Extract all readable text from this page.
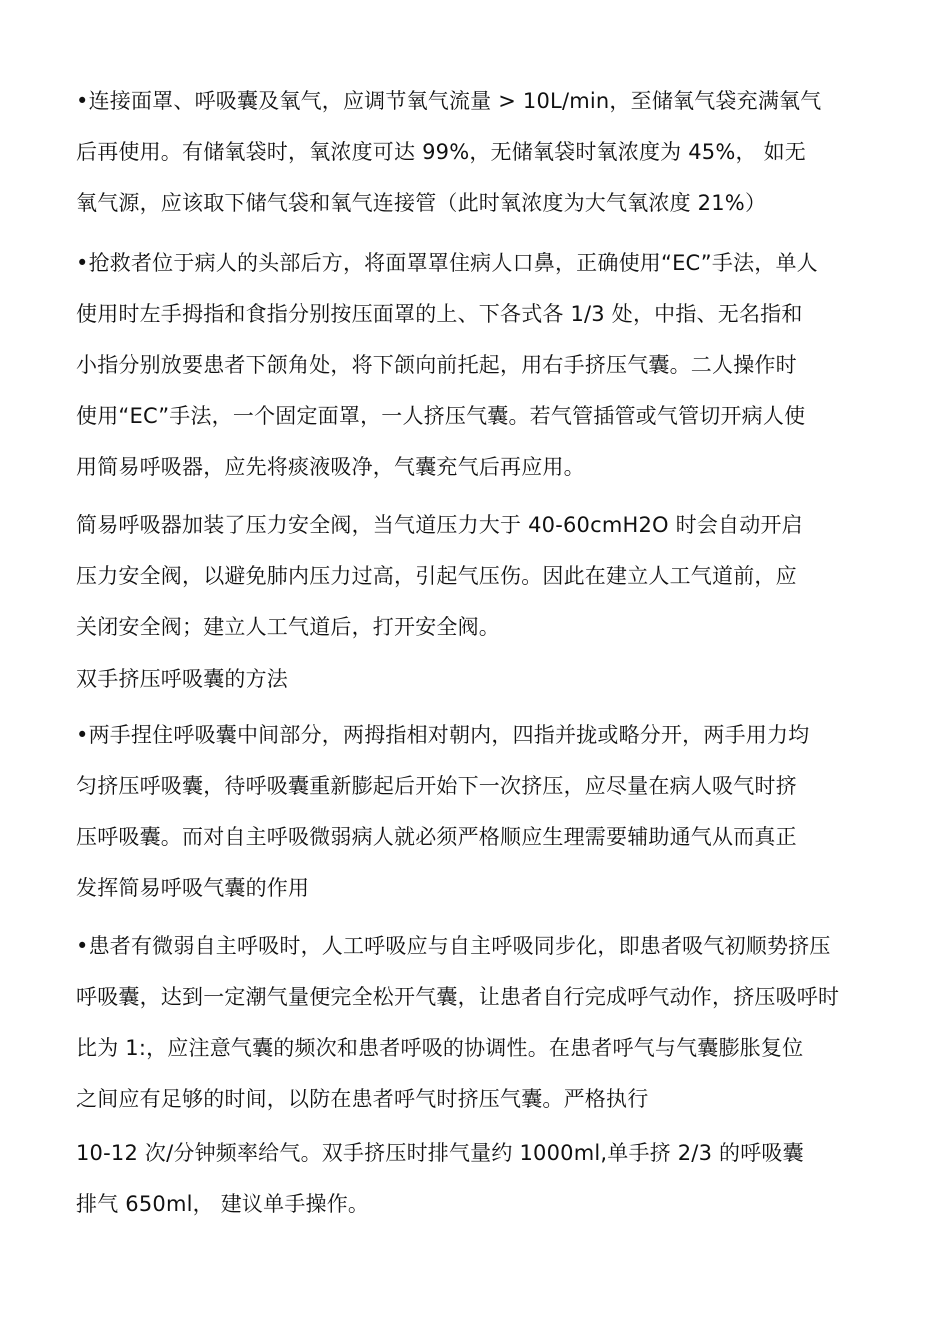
•连接面罩、呼吸囊及氧气，应调节氧气流量 > 10L/min，至储氧气袋充满氧气
后再使用。有储氧袋时，氧浓度可达 99%，无储氧袋时氧浓度为 45%， 如无
氧气源，应该取下储气袋和氧气连接管（此时氧浓度为大气氧浓度 21%）

•抢救者位于病人的头部后方，将面罩罩住病人口鼻，正确使用“EC”手法，单人
使用时左手拇指和食指分别按压面罩的上、下各式各 1/3 处，中指、无名指和
小指分别放要患者下颌角处，将下颌向前托起，用右手挤压气囊。二人操作时
使用“EC”手法，一个固定面罩，一人挤压气囊。若气管插管或气管切开病人使
用简易呼吸器，应先将痰液吸净，气囊充气后再应用。

简易呼吸器加装了压力安全阀，当气道压力大于 40-60cmH2O 时会自动开启
压力安全阀，以避免肺内压力过高，引起气压伤。因此在建立人工气道前，应
关闭安全阀；建立人工气道后，打开安全阀。

双手挤压呼吸囊的方法

•两手捏住呼吸囊中间部分，两拇指相对朝内，四指并拢或略分开，两手用力均
匀挤压呼吸囊，待呼吸囊重新膨起后开始下一次挤压，应尽量在病人吸气时挤
压呼吸囊。而对自主呼吸微弱病人就必须严格顺应生理需要辅助通气从而真正
发挥简易呼吸气囊的作用

•患者有微弱自主呼吸时，人工呼吸应与自主呼吸同步化，即患者吸气初顺势挤压
呼吸囊，达到一定潮气量便完全松开气囊，让患者自行完成呼气动作，挤压吸呼时
比为 1:，应注意气囊的频次和患者呼吸的协调性。在患者呼气与气囊膨胀复位
之间应有足够的时间，以防在患者呼气时挤压气囊。严格执行

10-12 次/分钟频率给气。双手挤压时排气量约 1000ml,单手挤 2/3 的呼吸囊
排气 650ml， 建议单手操作。
